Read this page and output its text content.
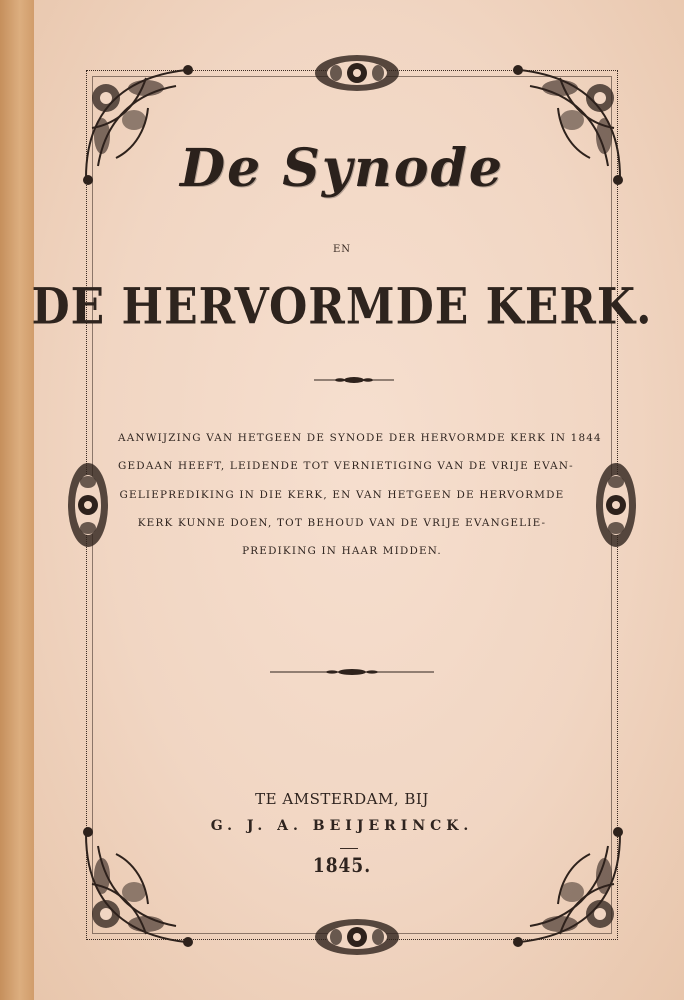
De Synode
EN
DE HERVORMDE KERK.
AANWIJZING VAN HETGEEN DE SYNODE DER HERVORMDE KERK IN 1844
GEDAAN HEEFT, LEIDENDE TOT VERNIETIGING VAN DE VRIJE EVAN-
GELIEPREDIKING IN DIE KERK, EN VAN HETGEEN DE HERVORMDE
KERK KUNNE DOEN, TOT BEHOUD VAN DE VRIJE EVANGELIE-
PREDIKING IN HAAR MIDDEN.
TE AMSTERDAM, BIJ
G. J. A. BEIJERINCK.
1845.
